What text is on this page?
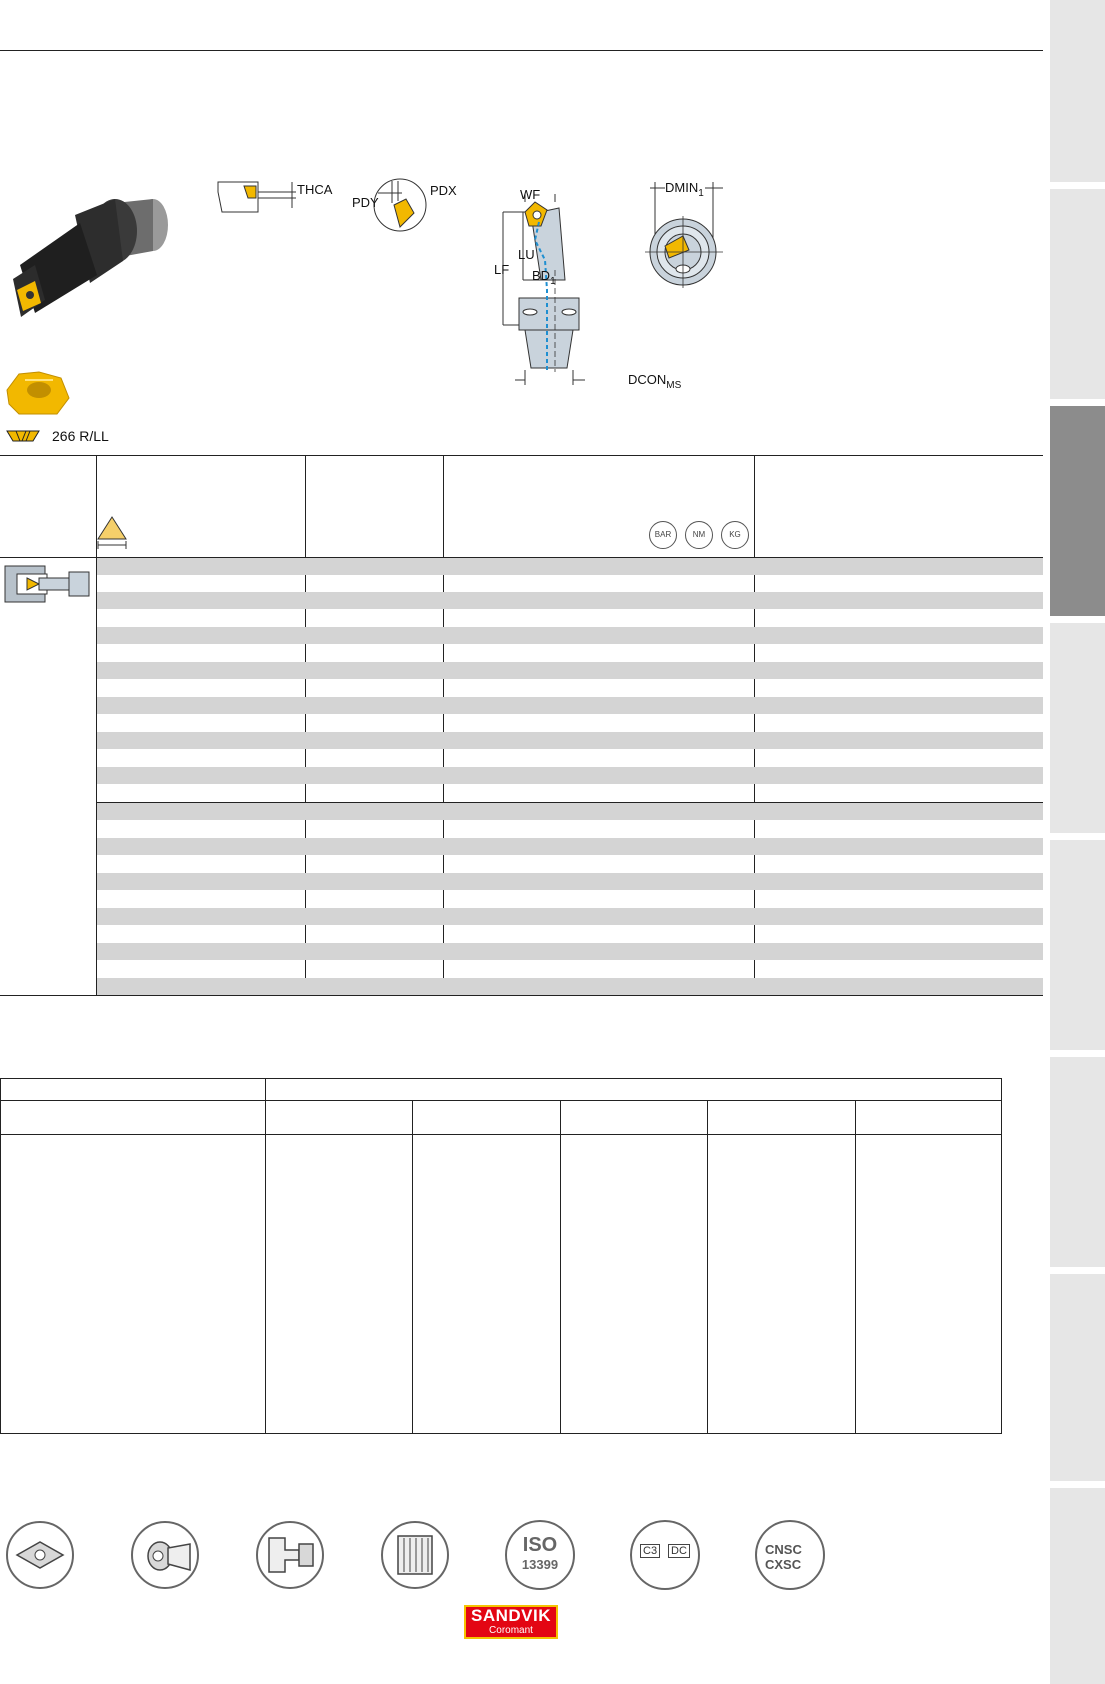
266 R/LL
THCA	PDX
PDY
WF
LU
LF $BD_1$
$DCON_{MS}$
$DMIN_1$
BAR	NM	KG
ISO
13399
C3 DC	CNSC
CXSC
SANDVIK
Coromant
